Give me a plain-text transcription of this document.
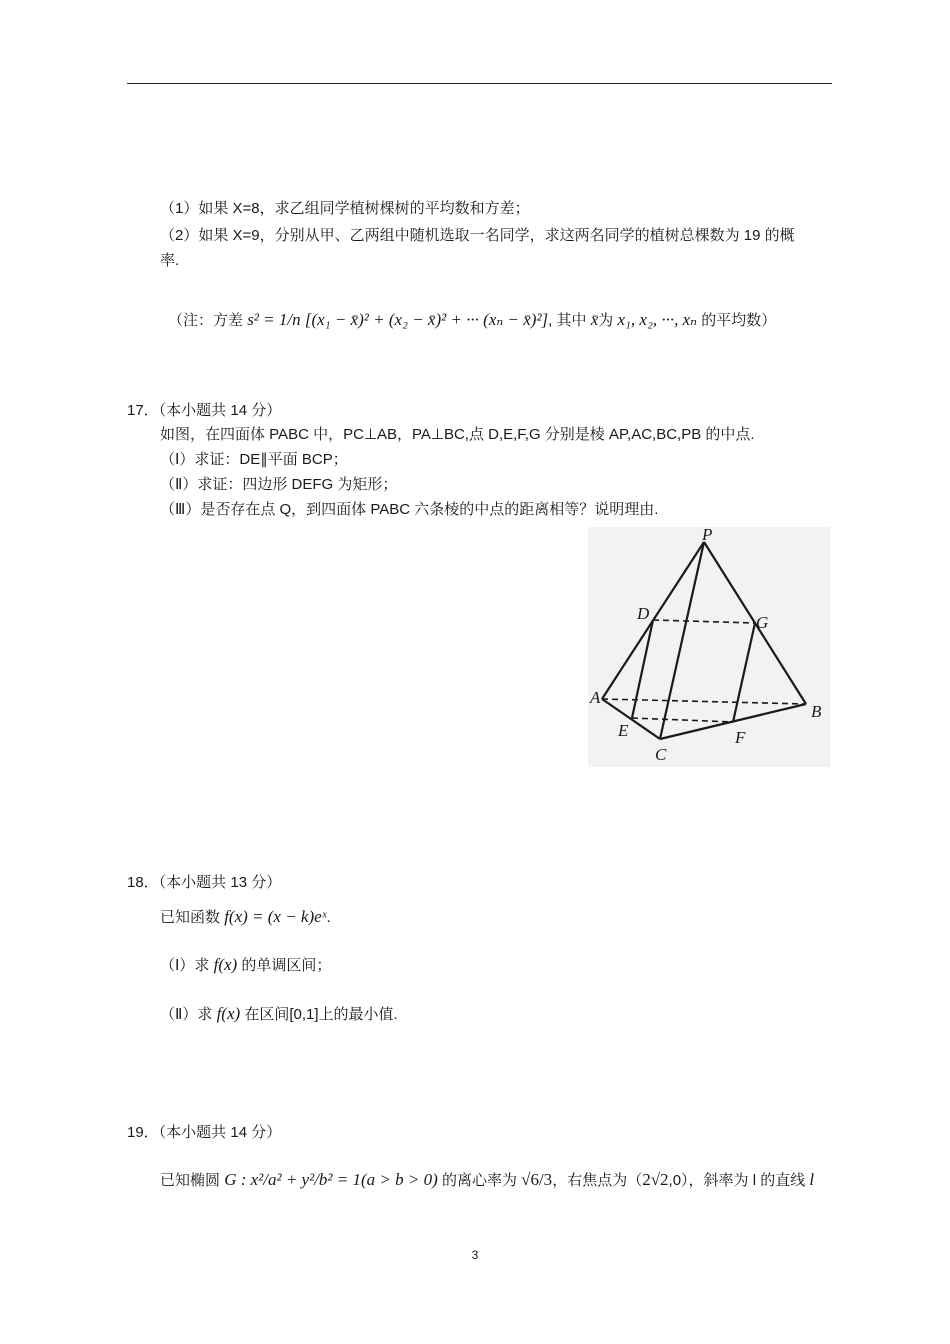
（1）如果 X=8，求乙组同学植树棵树的平均数和方差；
（2）如果 X=9，分别从甲、乙两组中随机选取一名同学，求这两名同学的植树总棵数为 19 的概
率.
（注：方差 s² = 1/n [(x₁ − x̄)² + (x₂ − x̄)² + ··· (xₙ − x̄)²], 其中 x̄为 x₁, x₂, ···, xₙ 的平均数）
17．（本小题共 14 分）
如图，在四面体 PABC 中，PC⊥AB，PA⊥BC,点 D,E,F,G 分别是棱 AP,AC,BC,PB 的中点.
（Ⅰ）求证：DE∥平面 BCP；
（Ⅱ）求证：四边形 DEFG 为矩形；
（Ⅲ）是否存在点 Q，到四面体 PABC 六条棱的中点的距离相等？说明理由.
P
D	G
A
B
E
C
F
18．（本小题共 13 分）
已知函数 f(x) = (x − k)eˣ.
（Ⅰ）求 f(x) 的单调区间；
（Ⅱ）求 f(x) 在区间[0,1]上的最小值.
19．（本小题共 14 分）
已知椭圆 G : x²/a² + y²/b² = 1(a > b > 0) 的离心率为 √6/3，右焦点为（2√2,0），斜率为 l 的直线 l
3
